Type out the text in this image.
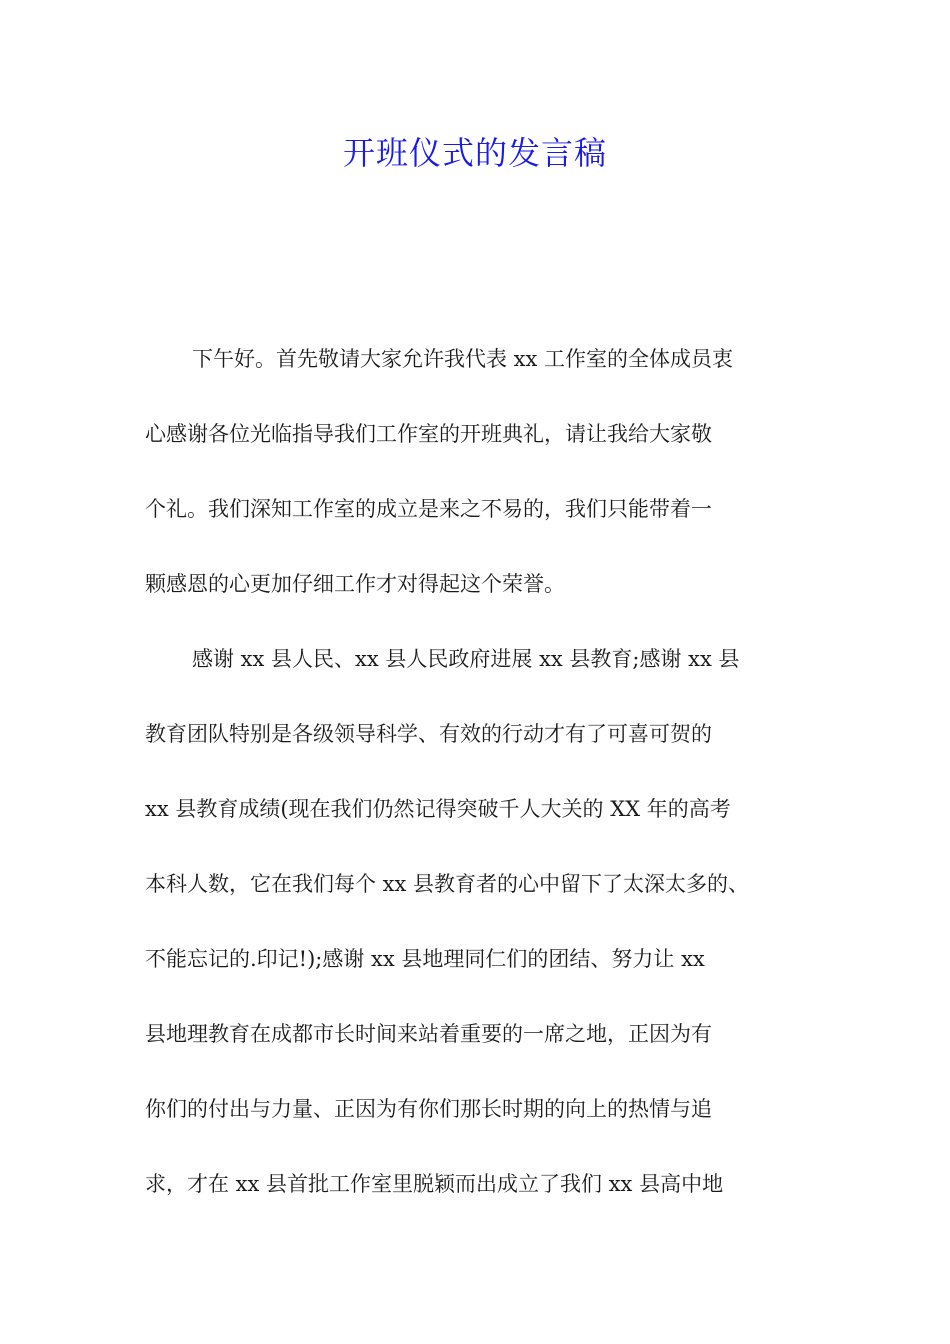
开班仪式的发言稿
下午好。首先敬请大家允许我代表 xx 工作室的全体成员衷
心感谢各位光临指导我们工作室的开班典礼，请让我给大家敬
个礼。我们深知工作室的成立是来之不易的，我们只能带着一
颗感恩的心更加仔细工作才对得起这个荣誉。
感谢 xx 县人民、xx 县人民政府进展 xx 县教育;感谢 xx 县
教育团队特别是各级领导科学、有效的行动才有了可喜可贺的
xx 县教育成绩(现在我们仍然记得突破千人大关的 XX 年的高考
本科人数，它在我们每个 xx 县教育者的心中留下了太深太多的、
不能忘记的.印记!);感谢 xx 县地理同仁们的团结、努力让 xx
县地理教育在成都市长时间来站着重要的一席之地，正因为有
你们的付出与力量、正因为有你们那长时期的向上的热情与追
求，才在 xx 县首批工作室里脱颖而出成立了我们 xx 县高中地
